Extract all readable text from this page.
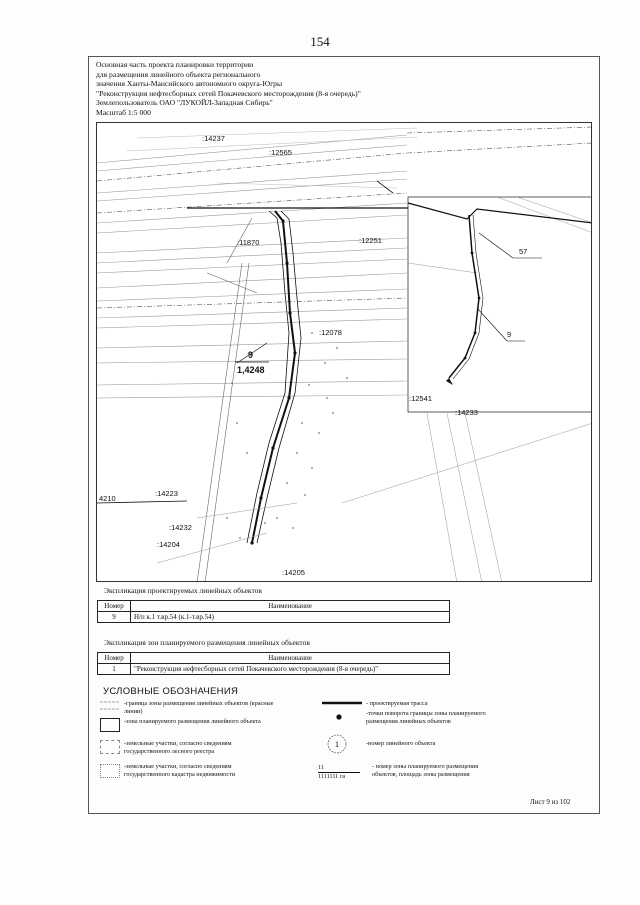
154
Основная часть проекта планировки территории
для размещения линейного объекта регионального
значения Ханты-Мансийского автономного округа-Югры
"Реконструкция нефтесборных сетей Покачевского месторождения (8-я очередь)"
Землепользователь ОАО "ЛУКОЙЛ-Западная Сибирь"
Масштаб 1:5 000
57
9
:14237
:12565
:12251
:11870
:12078
9
1,4248
:12541
:14233
4210
:14223
:14232
:14204
:14205
Экспликация проектируемых линейных объектов
Номер	Наименование
9	Н/п к.1 т.вр.54 (к.1-т.вр.54)
Экспликация зон планируемого размещения линейных объектов
Номер	Наименование
1	"Реконструкция нефтесборных сетей Покачевского месторождения (8-я очередь)"
УСЛОВНЫЕ ОБОЗНАЧЕНИЯ
-граница зоны размещения линейных объектов (красные линии)
-зона планируемого размещения линейного объекта
-земельные участки, согласно сведениям государственного лесного реестра
-земельные участки, согласно сведениям государственного кадастра недвижимости
- проектируемая трасса
-точки поворота границы зоны планируемого размещения линейных объектов
1	-номер линейного объекта
11
1111111 га
- номер зоны планируемого размещения объектов, площадь зоны размещения
Лист 9 из 102
